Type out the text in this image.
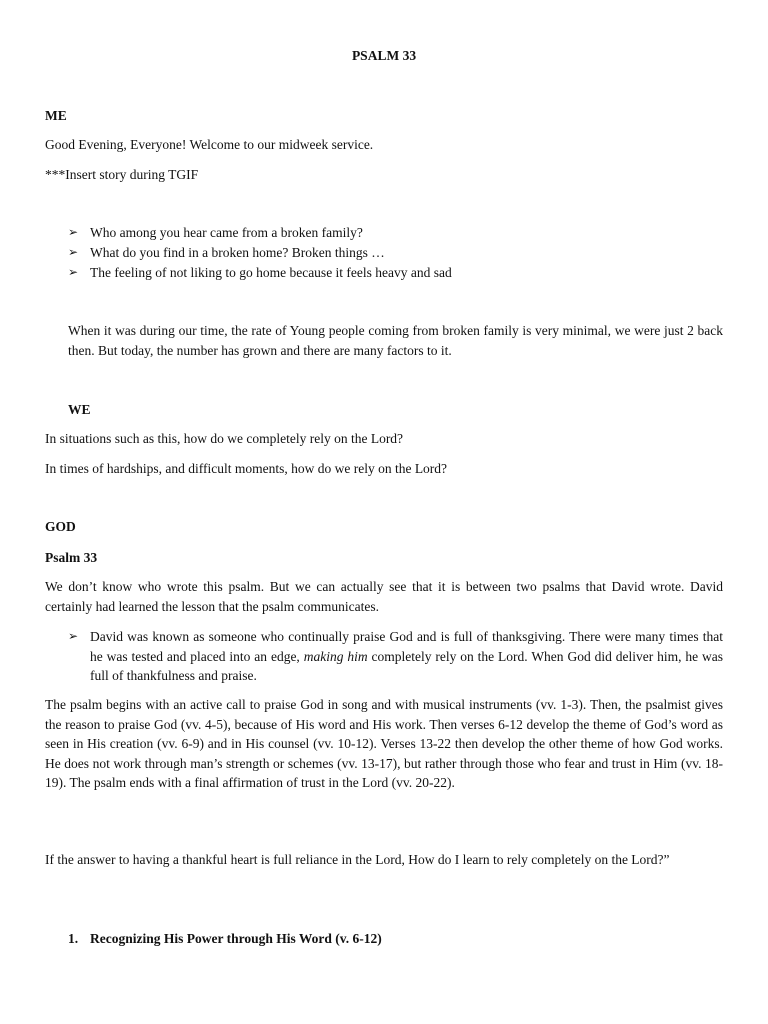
PSALM 33

ME

Good Evening, Everyone! Welcome to our midweek service.

***Insert story during TGIF

➢ Who among you hear came from a broken family?
➢ What do you find in a broken home? Broken things …
➢ The feeling of not liking to go home because it feels heavy and sad

When it was during our time, the rate of Young people coming from broken family is very minimal, we were just 2 back then. But today, the number has grown and there are many factors to it.

WE

In situations such as this, how do we completely rely on the Lord?

In times of hardships, and difficult moments, how do we rely on the Lord?

GOD

Psalm 33

We don’t know who wrote this psalm. But we can actually see that it is between two psalms that David wrote. David certainly had learned the lesson that the psalm communicates.

➢ David was known as someone who continually praise God and is full of thanksgiving. There were many times that he was tested and placed into an edge, making him completely rely on the Lord. When God did deliver him, he was full of thankfulness and praise.

The psalm begins with an active call to praise God in song and with musical instruments (vv. 1-3). Then, the psalmist gives the reason to praise God (vv. 4-5), because of His word and His work. Then verses 6-12 develop the theme of God’s word as seen in His creation (vv. 6-9) and in His counsel (vv. 10-12). Verses 13-22 then develop the other theme of how God works. He does not work through man’s strength or schemes (vv. 13-17), but rather through those who fear and trust in Him (vv. 18-19). The psalm ends with a final affirmation of trust in the Lord (vv. 20-22).

If the answer to having a thankful heart is full reliance in the Lord, How do I learn to rely completely on the Lord?”

1. Recognizing His Power through His Word (v. 6-12)
